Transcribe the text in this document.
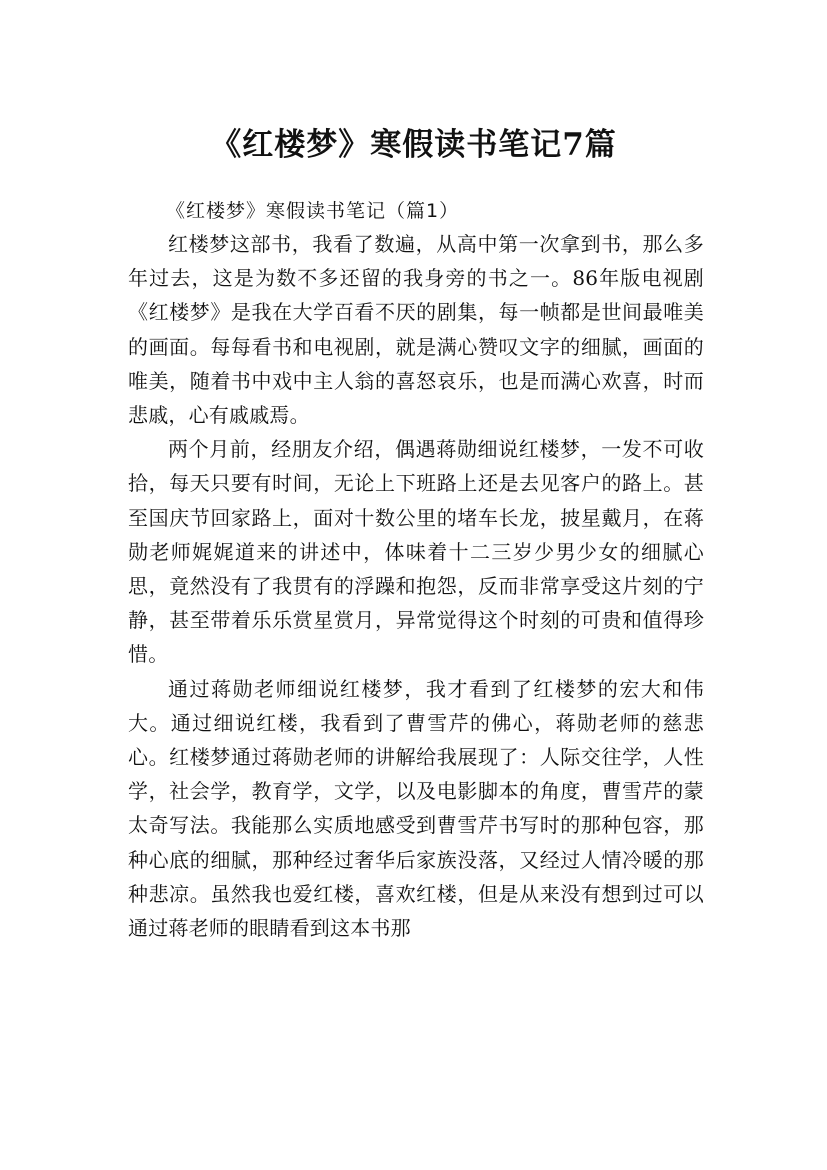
《红楼梦》寒假读书笔记7篇

《红楼梦》寒假读书笔记（篇1）

红楼梦这部书，我看了数遍，从高中第一次拿到书，那么多年过去，这是为数不多还留的我身旁的书之一。86年版电视剧《红楼梦》是我在大学百看不厌的剧集，每一帧都是世间最唯美的画面。每每看书和电视剧，就是满心赞叹文字的细腻，画面的唯美，随着书中戏中主人翁的喜怒哀乐，也是而满心欢喜，时而悲戚，心有戚戚焉。

两个月前，经朋友介绍，偶遇蒋勋细说红楼梦，一发不可收拾，每天只要有时间，无论上下班路上还是去见客户的路上。甚至国庆节回家路上，面对十数公里的堵车长龙，披星戴月，在蒋勋老师娓娓道来的讲述中，体味着十二三岁少男少女的细腻心思，竟然没有了我贯有的浮躁和抱怨，反而非常享受这片刻的宁静，甚至带着乐乐赏星赏月，异常觉得这个时刻的可贵和值得珍惜。

通过蒋勋老师细说红楼梦，我才看到了红楼梦的宏大和伟大。通过细说红楼，我看到了曹雪芹的佛心，蒋勋老师的慈悲心。红楼梦通过蒋勋老师的讲解给我展现了：人际交往学，人性学，社会学，教育学，文学，以及电影脚本的角度，曹雪芹的蒙太奇写法。我能那么实质地感受到曹雪芹书写时的那种包容，那种心底的细腻，那种经过奢华后家族没落，又经过人情冷暖的那种悲凉。虽然我也爱红楼，喜欢红楼，但是从来没有想到过可以通过蒋老师的眼睛看到这本书那
